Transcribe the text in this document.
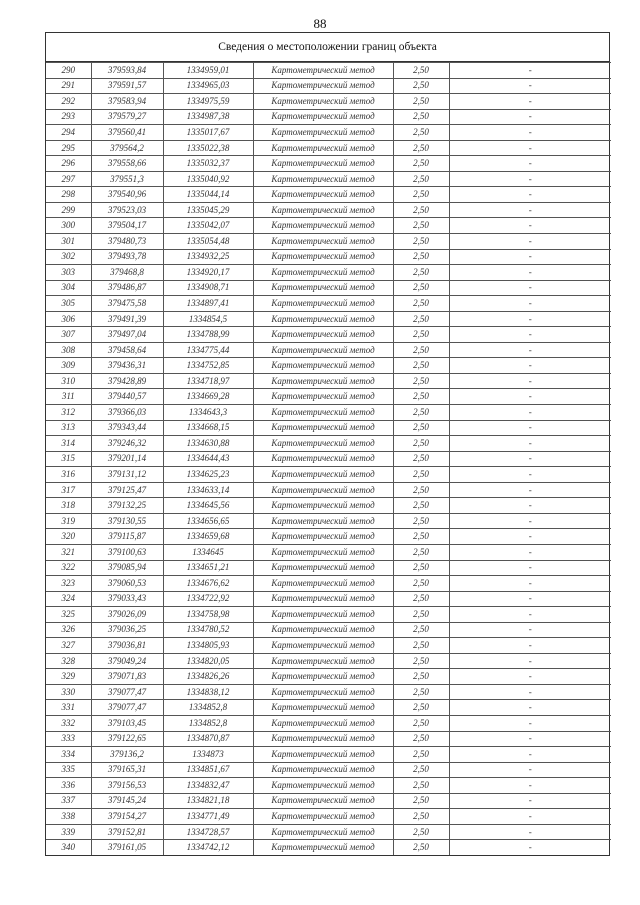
88
Сведения о местоположении границ объекта
290	379593,84	1334959,01	Картометрический метод	2,50	-
291	379591,57	1334965,03	Картометрический метод	2,50	-
292	379583,94	1334975,59	Картометрический метод	2,50	-
293	379579,27	1334987,38	Картометрический метод	2,50	-
294	379560,41	1335017,67	Картометрический метод	2,50	-
295	379564,2	1335022,38	Картометрический метод	2,50	-
296	379558,66	1335032,37	Картометрический метод	2,50	-
297	379551,3	1335040,92	Картометрический метод	2,50	-
298	379540,96	1335044,14	Картометрический метод	2,50	-
299	379523,03	1335045,29	Картометрический метод	2,50	-
300	379504,17	1335042,07	Картометрический метод	2,50	-
301	379480,73	1335054,48	Картометрический метод	2,50	-
302	379493,78	1334932,25	Картометрический метод	2,50	-
303	379468,8	1334920,17	Картометрический метод	2,50	-
304	379486,87	1334908,71	Картометрический метод	2,50	-
305	379475,58	1334897,41	Картометрический метод	2,50	-
306	379491,39	1334854,5	Картометрический метод	2,50	-
307	379497,04	1334788,99	Картометрический метод	2,50	-
308	379458,64	1334775,44	Картометрический метод	2,50	-
309	379436,31	1334752,85	Картометрический метод	2,50	-
310	379428,89	1334718,97	Картометрический метод	2,50	-
311	379440,57	1334669,28	Картометрический метод	2,50	-
312	379366,03	1334643,3	Картометрический метод	2,50	-
313	379343,44	1334668,15	Картометрический метод	2,50	-
314	379246,32	1334630,88	Картометрический метод	2,50	-
315	379201,14	1334644,43	Картометрический метод	2,50	-
316	379131,12	1334625,23	Картометрический метод	2,50	-
317	379125,47	1334633,14	Картометрический метод	2,50	-
318	379132,25	1334645,56	Картометрический метод	2,50	-
319	379130,55	1334656,65	Картометрический метод	2,50	-
320	379115,87	1334659,68	Картометрический метод	2,50	-
321	379100,63	1334645	Картометрический метод	2,50	-
322	379085,94	1334651,21	Картометрический метод	2,50	-
323	379060,53	1334676,62	Картометрический метод	2,50	-
324	379033,43	1334722,92	Картометрический метод	2,50	-
325	379026,09	1334758,98	Картометрический метод	2,50	-
326	379036,25	1334780,52	Картометрический метод	2,50	-
327	379036,81	1334805,93	Картометрический метод	2,50	-
328	379049,24	1334820,05	Картометрический метод	2,50	-
329	379071,83	1334826,26	Картометрический метод	2,50	-
330	379077,47	1334838,12	Картометрический метод	2,50	-
331	379077,47	1334852,8	Картометрический метод	2,50	-
332	379103,45	1334852,8	Картометрический метод	2,50	-
333	379122,65	1334870,87	Картометрический метод	2,50	-
334	379136,2	1334873	Картометрический метод	2,50	-
335	379165,31	1334851,67	Картометрический метод	2,50	-
336	379156,53	1334832,47	Картометрический метод	2,50	-
337	379145,24	1334821,18	Картометрический метод	2,50	-
338	379154,27	1334771,49	Картометрический метод	2,50	-
339	379152,81	1334728,57	Картометрический метод	2,50	-
340	379161,05	1334742,12	Картометрический метод	2,50	-
